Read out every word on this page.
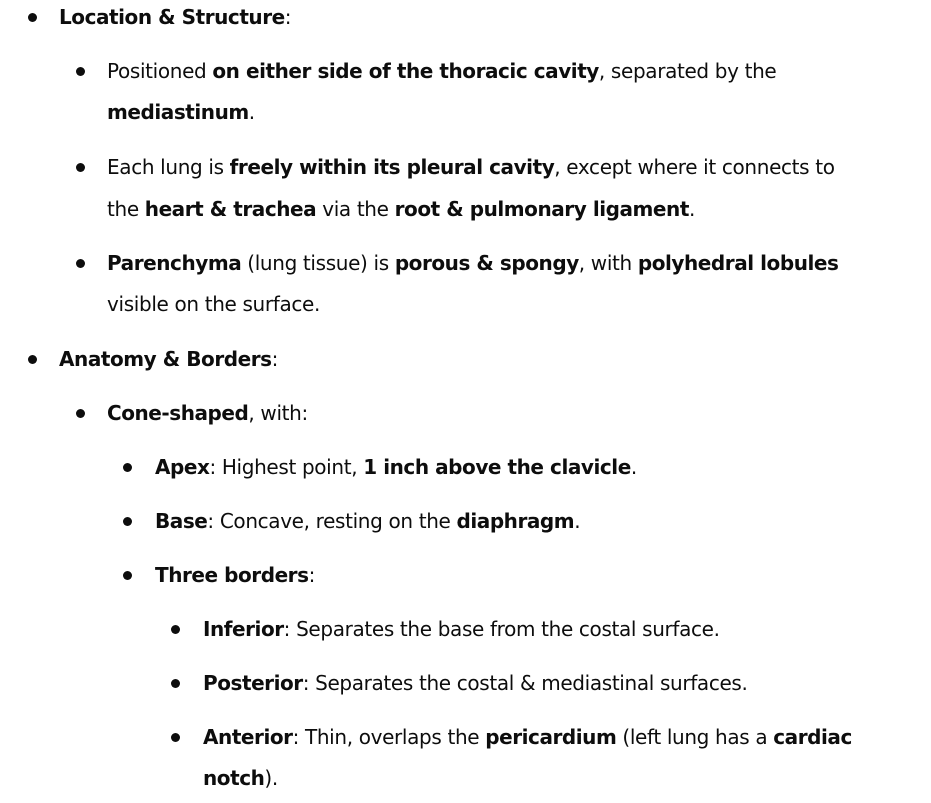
Location & Structure:
Positioned on either side of the thoracic cavity, separated by the
mediastinum.
Each lung is freely within its pleural cavity, except where it connects to
the heart & trachea via the root & pulmonary ligament.
Parenchyma (lung tissue) is porous & spongy, with polyhedral lobules
visible on the surface.
Anatomy & Borders:
Cone-shaped, with:
Apex: Highest point, 1 inch above the clavicle.
Base: Concave, resting on the diaphragm.
Three borders:
Inferior: Separates the base from the costal surface.
Posterior: Separates the costal & mediastinal surfaces.
Anterior: Thin, overlaps the pericardium (left lung has a cardiac
notch).
